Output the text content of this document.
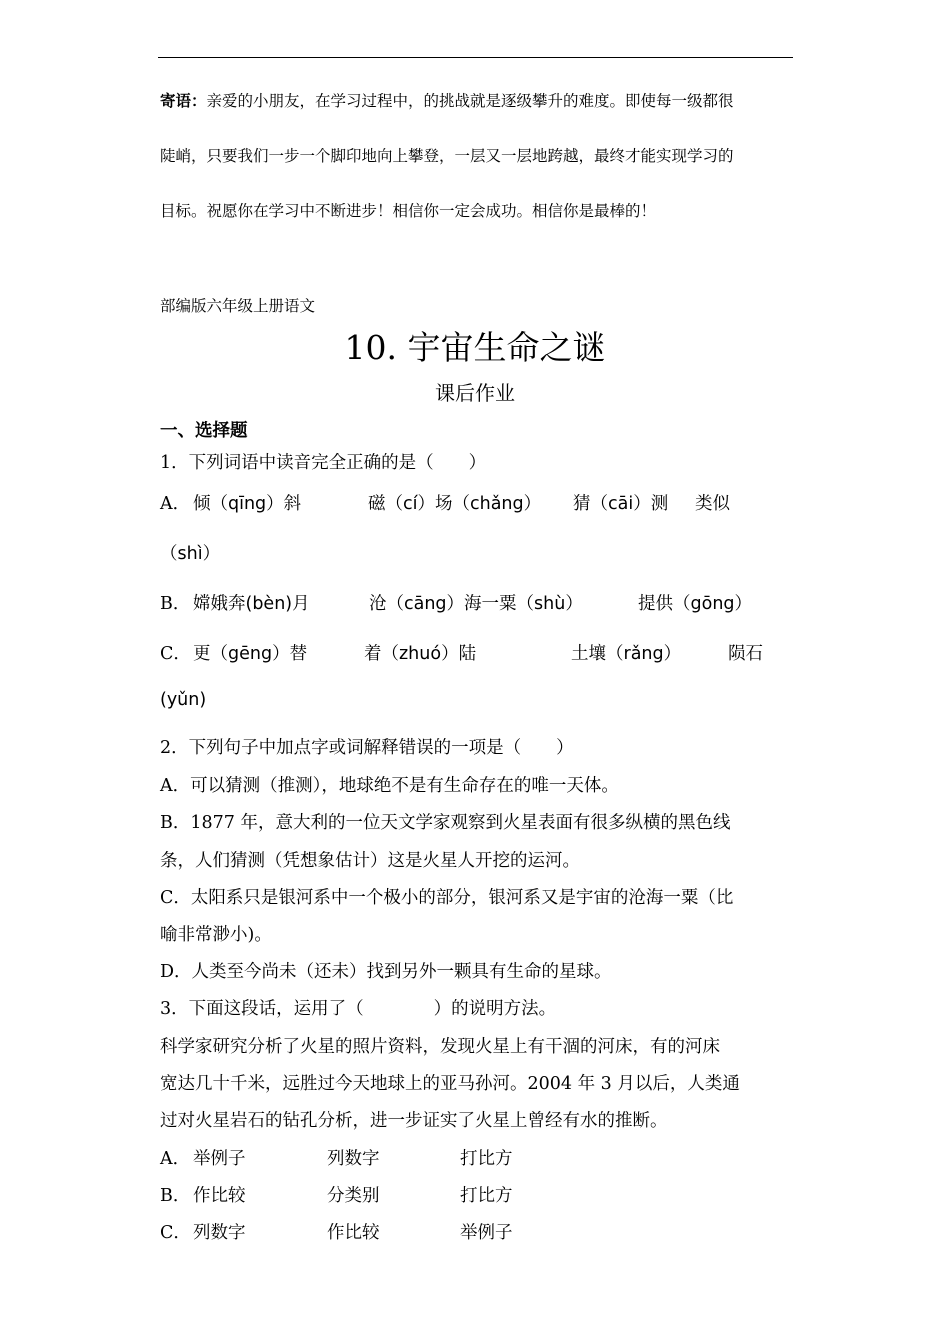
寄语：亲爱的小朋友，在学习过程中，的挑战就是逐级攀升的难度。即使每一级都很
陡峭，只要我们一步一个脚印地向上攀登，一层又一层地跨越，最终才能实现学习的
目标。祝愿你在学习中不断进步！相信你一定会成功。相信你是最棒的！
部编版六年级上册语文
10. 宇宙生命之谜
课后作业
一、选择题
1．下列词语中读音完全正确的是（　　）
A． 倾（qīng）斜	磁（cí）场（chǎng） 猜（cāi）测 类似
（shì）
B． 嫦娥奔(bèn)月	沧（cāng）海一粟（shù）	提供（gōng）
C． 更（gēng）替	着（zhuó）陆	土壤（rǎng）	陨石
(yǔn)
2．下列句子中加点字或词解释错误的一项是（　　）
A．可以猜测（推测），地球绝不是有生命存在的唯一天体。
B．1877 年，意大利的一位天文学家观察到火星表面有很多纵横的黑色线
条，人们猜测（凭想象估计）这是火星人开挖的运河。
C．太阳系只是银河系中一个极小的部分，银河系又是宇宙的沧海一粟（比
喻非常渺小)。
D．人类至今尚未（还未）找到另外一颗具有生命的星球。
3．下面这段话，运用了（　　　　）的说明方法。
科学家研究分析了火星的照片资料，发现火星上有干涸的河床，有的河床
宽达几十千米，远胜过今天地球上的亚马孙河。2004 年 3 月以后，人类通
过对火星岩石的钻孔分析，进一步证实了火星上曾经有水的推断。
A． 举例子	列数字	打比方
B． 作比较	分类别	打比方
C． 列数字	作比较	举例子
